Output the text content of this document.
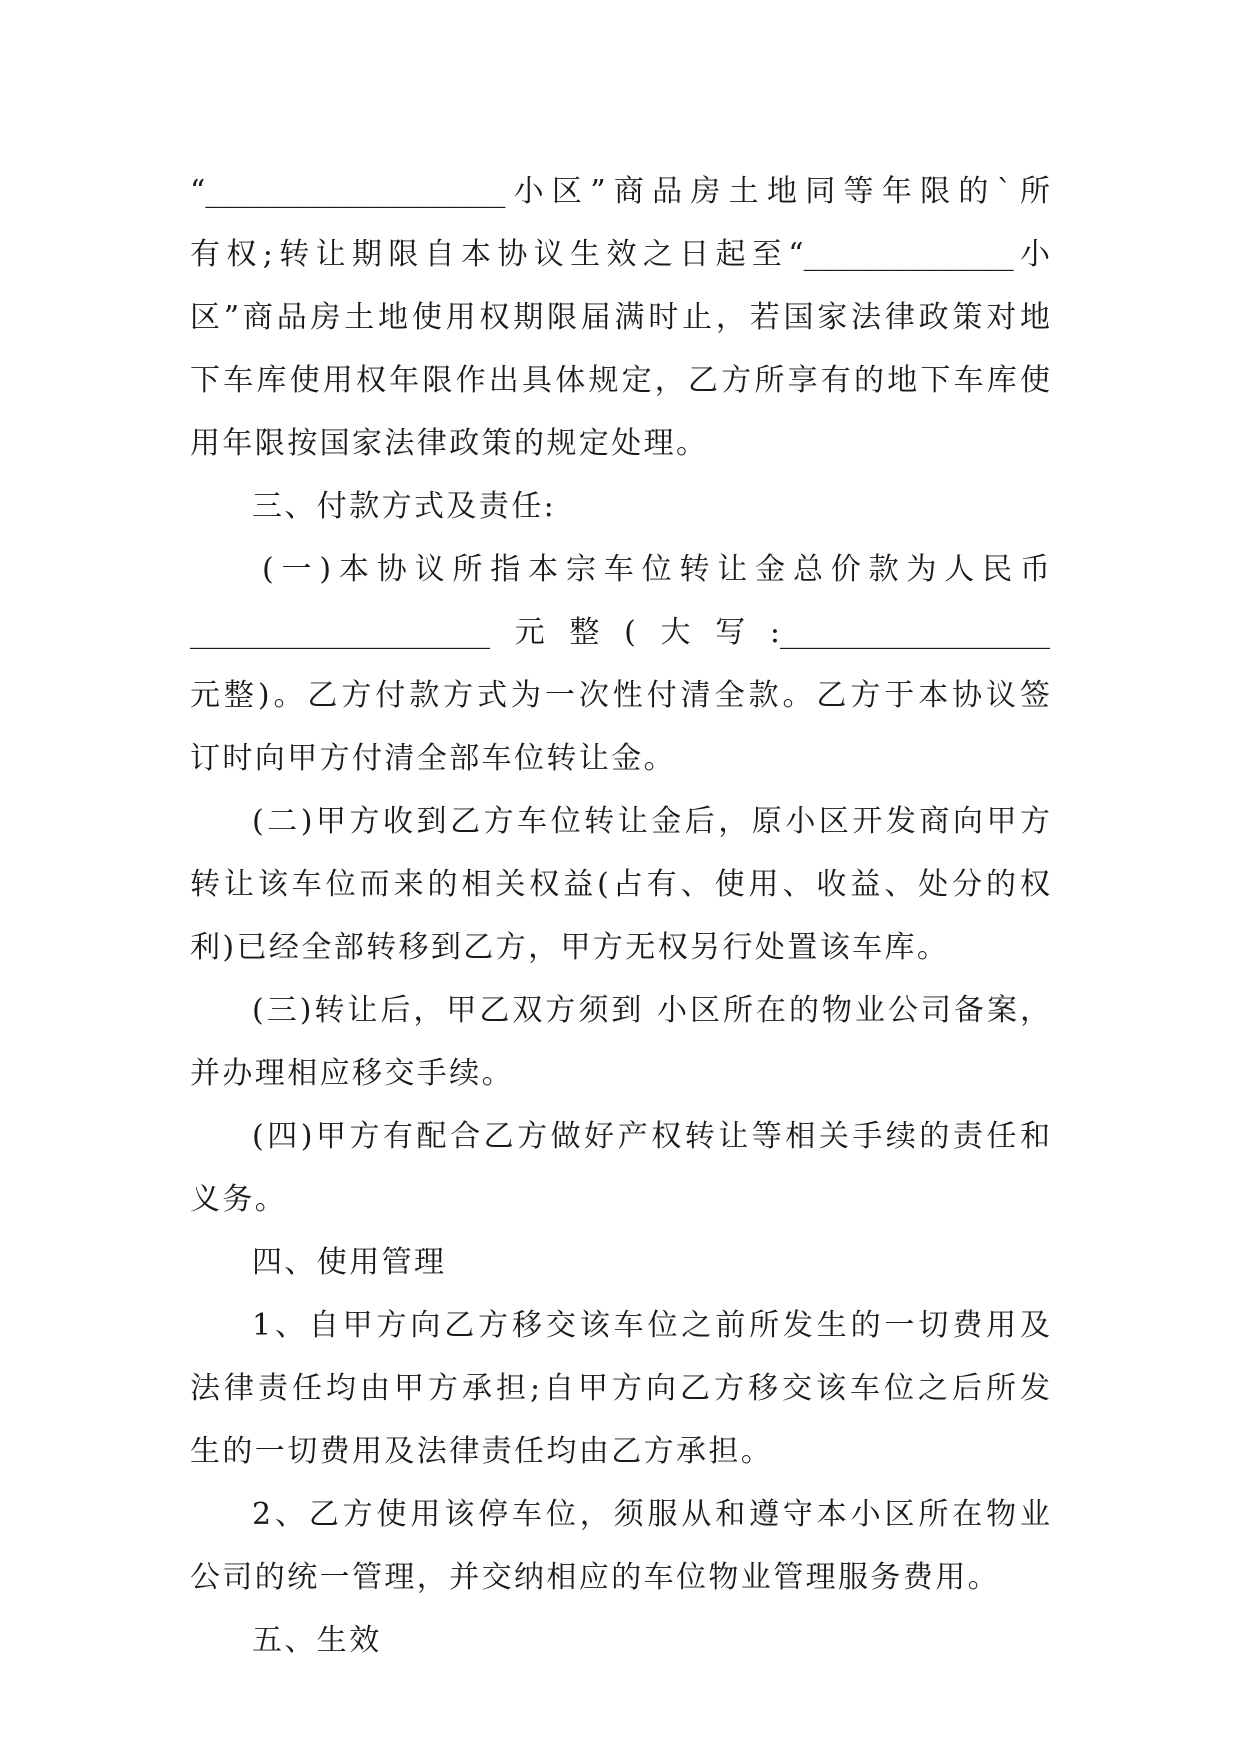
“____________________小区”商品房土地同等年限的`所
有权;转让期限自本协议生效之日起至“______________小
区”商品房土地使用权期限届满时止，若国家法律政策对地
下车库使用权年限作出具体规定，乙方所享有的地下车库使
用年限按国家法律政策的规定处理。
三、付款方式及责任:
(一)本协议所指本宗车位转让金总价款为人民币
____________________元整(大写:__________________
元整)。乙方付款方式为一次性付清全款。乙方于本协议签
订时向甲方付清全部车位转让金。
(二)甲方收到乙方车位转让金后，原小区开发商向甲方
转让该车位而来的相关权益(占有、使用、收益、处分的权
利)已经全部转移到乙方，甲方无权另行处置该车库。
(三)转让后，甲乙双方须到 小区所在的物业公司备案，
并办理相应移交手续。
(四)甲方有配合乙方做好产权转让等相关手续的责任和
义务。
四、使用管理
1、自甲方向乙方移交该车位之前所发生的一切费用及
法律责任均由甲方承担;自甲方向乙方移交该车位之后所发
生的一切费用及法律责任均由乙方承担。
2、乙方使用该停车位，须服从和遵守本小区所在物业
公司的统一管理，并交纳相应的车位物业管理服务费用。
五、生效
